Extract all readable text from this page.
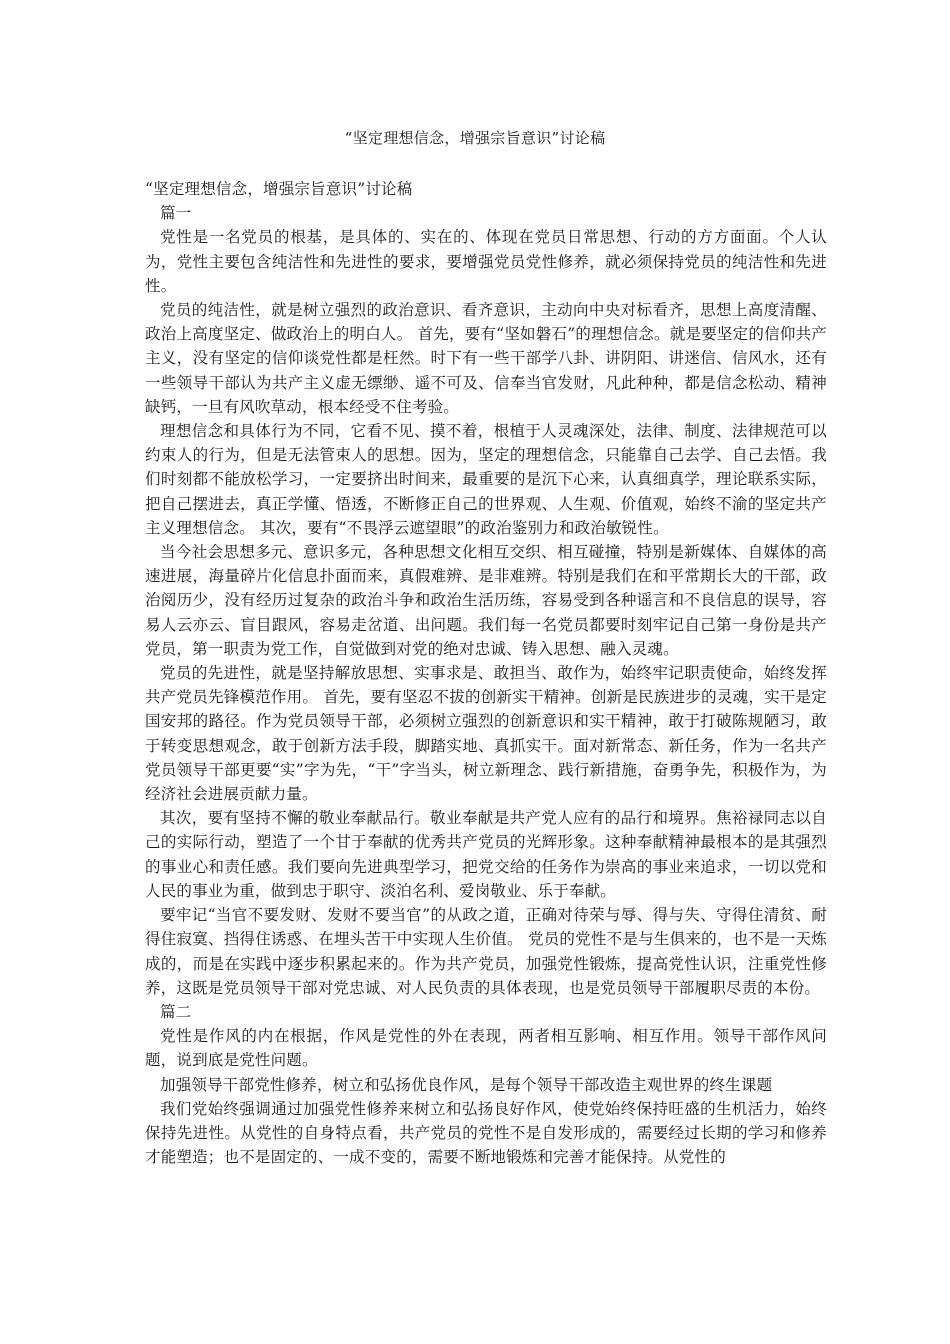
“坚定理想信念，增强宗旨意识”讨论稿

“坚定理想信念，增强宗旨意识”讨论稿

篇一

党性是一名党员的根基，是具体的、实在的、体现在党员日常思想、行动的方方面面。个人认为，党性主要包含纯洁性和先进性的要求，要增强党员党性修养，就必须保持党员的纯洁性和先进性。

党员的纯洁性，就是树立强烈的政治意识、看齐意识，主动向中央对标看齐，思想上高度清醒、政治上高度坚定、做政治上的明白人。 首先，要有“坚如磐石”的理想信念。就是要坚定的信仰共产主义，没有坚定的信仰谈党性都是枉然。时下有一些干部学八卦、讲阴阳、讲迷信、信风水，还有一些领导干部认为共产主义虚无缥缈、遥不可及、信奉当官发财，凡此种种，都是信念松动、精神缺钙，一旦有风吹草动，根本经受不住考验。

理想信念和具体行为不同，它看不见、摸不着，根植于人灵魂深处，法律、制度、法律规范可以约束人的行为，但是无法管束人的思想。因为，坚定的理想信念，只能靠自己去学、自己去悟。我们时刻都不能放松学习，一定要挤出时间来，最重要的是沉下心来，认真细真学，理论联系实际，把自己摆进去，真正学懂、悟透，不断修正自己的世界观、人生观、价值观，始终不渝的坚定共产主义理想信念。 其次，要有“不畏浮云遮望眼”的政治鉴别力和政治敏锐性。

当今社会思想多元、意识多元，各种思想文化相互交织、相互碰撞，特别是新媒体、自媒体的高速进展，海量碎片化信息扑面而来，真假难辨、是非难辨。特别是我们在和平常期长大的干部，政治阅历少，没有经历过复杂的政治斗争和政治生活历练，容易受到各种谣言和不良信息的误导，容易人云亦云、盲目跟风，容易走岔道、出问题。我们每一名党员都要时刻牢记自己第一身份是共产党员，第一职责为党工作，自觉做到对党的绝对忠诚、铸入思想、融入灵魂。

党员的先进性，就是坚持解放思想、实事求是、敢担当、敢作为，始终牢记职责使命，始终发挥共产党员先锋模范作用。 首先，要有坚忍不拔的创新实干精神。创新是民族进步的灵魂，实干是定国安邦的路径。作为党员领导干部，必须树立强烈的创新意识和实干精神，敢于打破陈规陋习，敢于转变思想观念，敢于创新方法手段，脚踏实地、真抓实干。面对新常态、新任务，作为一名共产党员领导干部更要“实”字为先，“干”字当头，树立新理念、践行新措施，奋勇争先，积极作为，为经济社会进展贡献力量。

其次，要有坚持不懈的敬业奉献品行。敬业奉献是共产党人应有的品行和境界。焦裕禄同志以自己的实际行动，塑造了一个甘于奉献的优秀共产党员的光辉形象。这种奉献精神最根本的是其强烈的事业心和责任感。我们要向先进典型学习，把党交给的任务作为崇高的事业来追求，一切以党和人民的事业为重，做到忠于职守、淡泊名利、爱岗敬业、乐于奉献。

要牢记“当官不要发财、发财不要当官”的从政之道，正确对待荣与辱、得与失、守得住清贫、耐得住寂寞、挡得住诱惑、在埋头苦干中实现人生价值。 党员的党性不是与生俱来的，也不是一天炼成的，而是在实践中逐步积累起来的。作为共产党员，加强党性锻炼，提高党性认识，注重党性修养，这既是党员领导干部对党忠诚、对人民负责的具体表现，也是党员领导干部履职尽责的本份。

篇二

党性是作风的内在根据，作风是党性的外在表现，两者相互影响、相互作用。领导干部作风问题，说到底是党性问题。

加强领导干部党性修养，树立和弘扬优良作风，是每个领导干部改造主观世界的终生课题

我们党始终强调通过加强党性修养来树立和弘扬良好作风，使党始终保持旺盛的生机活力，始终保持先进性。从党性的自身特点看，共产党员的党性不是自发形成的，需要经过长期的学习和修养才能塑造；也不是固定的、一成不变的，需要不断地锻炼和完善才能保持。从党性的
